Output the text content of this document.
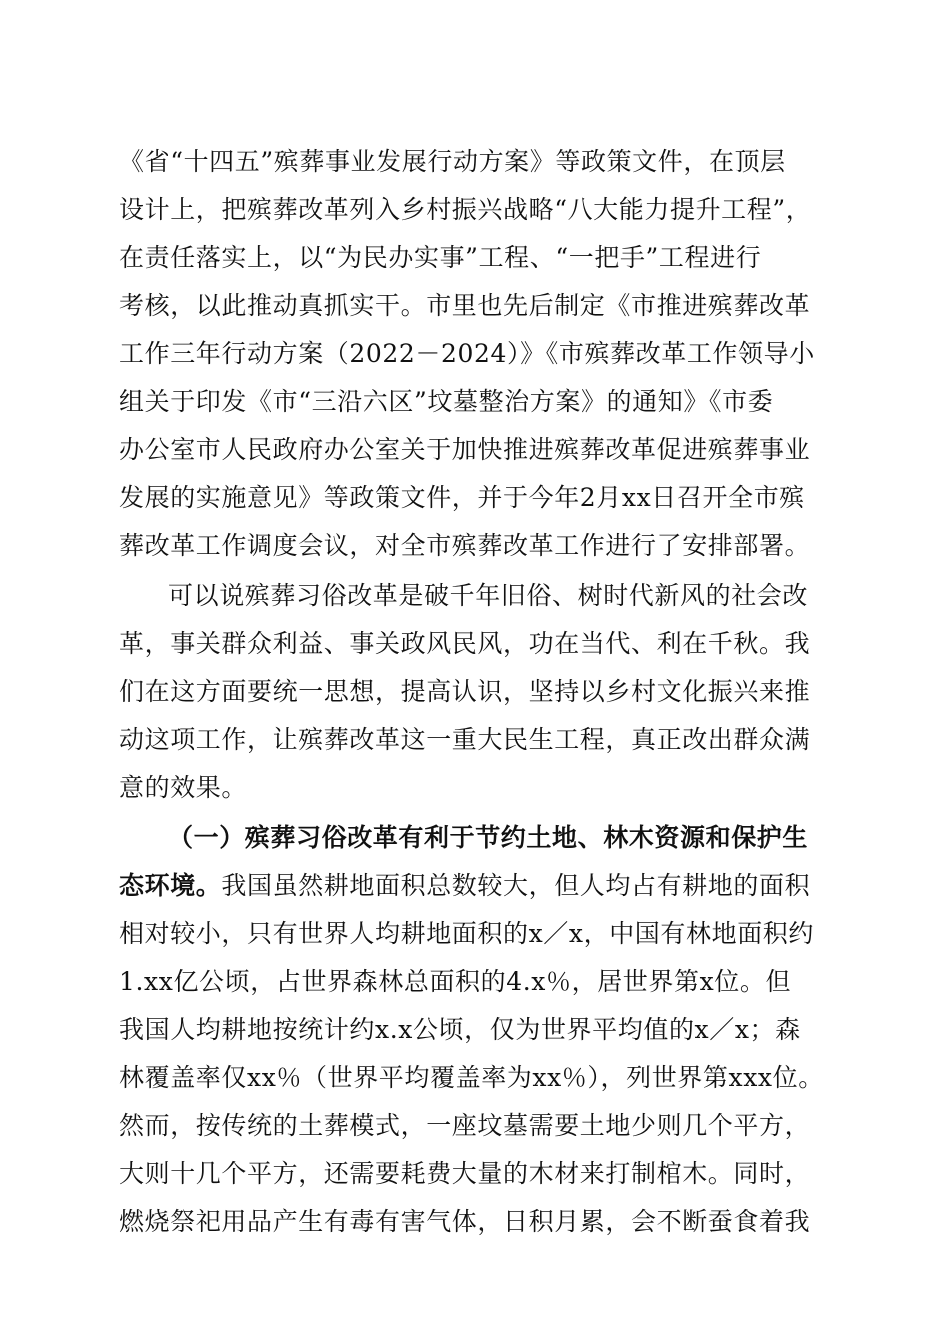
《省“十四五”殡葬事业发展行动方案》等政策文件，在顶层
设计上，把殡葬改革列入乡村振兴战略“八大能力提升工程”，
在责任落实上，以“为民办实事”工程、“一把手”工程进行
考核，以此推动真抓实干。市里也先后制定《市推进殡葬改革
工作三年行动方案（2022－2024）》《市殡葬改革工作领导小
组关于印发《市“三沿六区”坟墓整治方案》的通知》《市委
办公室市人民政府办公室关于加快推进殡葬改革促进殡葬事业
发展的实施意见》等政策文件，并于今年2月xx日召开全市殡
葬改革工作调度会议，对全市殡葬改革工作进行了安排部署。
可以说殡葬习俗改革是破千年旧俗、树时代新风的社会改
革，事关群众利益、事关政风民风，功在当代、利在千秋。我
们在这方面要统一思想，提高认识，坚持以乡村文化振兴来推
动这项工作，让殡葬改革这一重大民生工程，真正改出群众满
意的效果。
（一）殡葬习俗改革有利于节约土地、林木资源和保护生
态环境。我国虽然耕地面积总数较大，但人均占有耕地的面积
相对较小，只有世界人均耕地面积的x／x，中国有林地面积约
1.xx亿公顷，占世界森林总面积的4.x％，居世界第x位。但
我国人均耕地按统计约x.x公顷，仅为世界平均值的x／x；森
林覆盖率仅xx％（世界平均覆盖率为xx％），列世界第xxx位。
然而，按传统的土葬模式，一座坟墓需要土地少则几个平方，
大则十几个平方，还需要耗费大量的木材来打制棺木。同时，
燃烧祭祀用品产生有毒有害气体，日积月累，会不断蚕食着我
